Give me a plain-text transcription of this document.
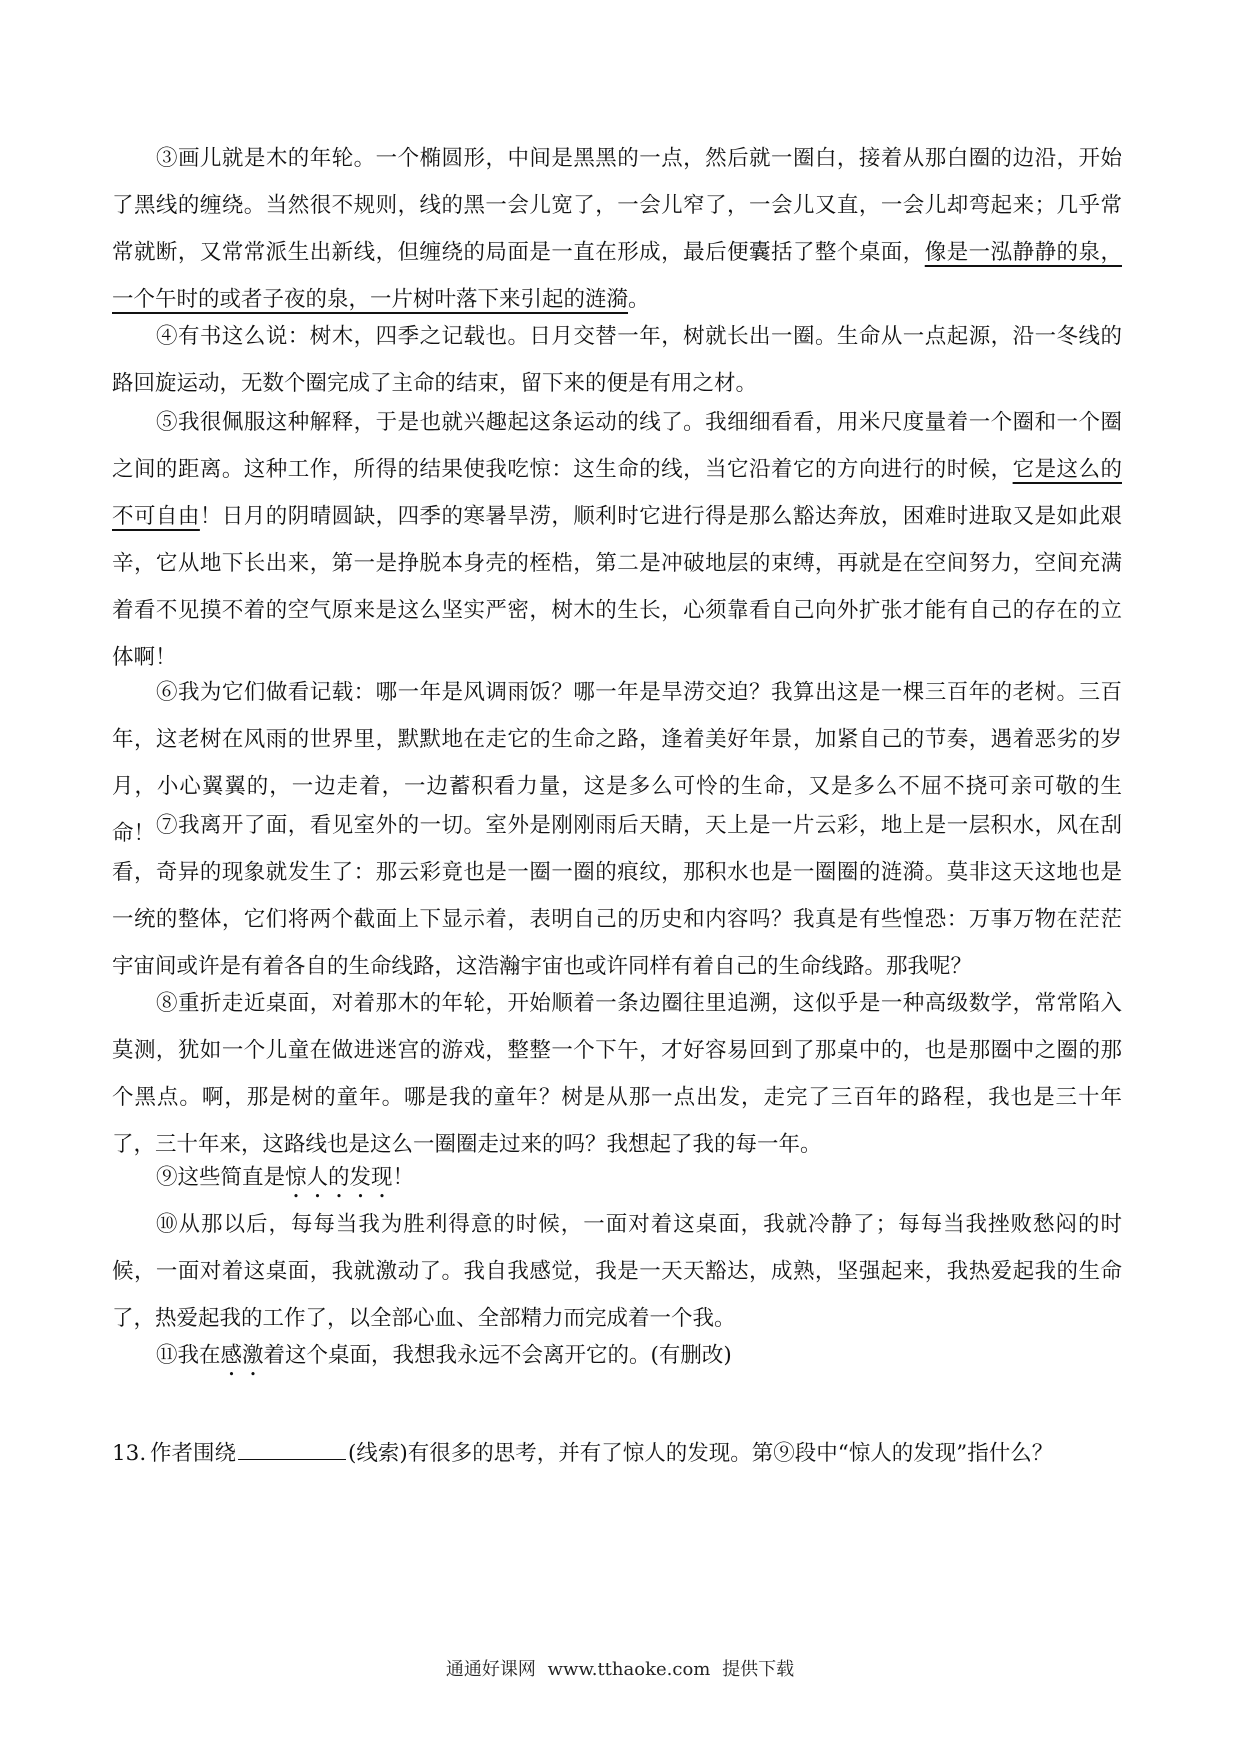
③画儿就是木的年轮。一个椭圆形，中间是黑黑的一点，然后就一圈白，接着从那白圈的边沿，开始了黑线的缠绕。当然很不规则，线的黑一会儿宽了，一会儿窄了，一会儿又直，一会儿却弯起来；几乎常常就断，又常常派生出新线，但缠绕的局面是一直在形成，最后便囊括了整个桌面，像是一泓静静的泉，一个午时的或者子夜的泉，一片树叶落下来引起的涟漪。

④有书这么说：树木，四季之记载也。日月交替一年，树就长出一圈。生命从一点起源，沿一冬线的路回旋运动，无数个圈完成了主命的结束，留下来的便是有用之材。

⑤我很佩服这种解释，于是也就兴趣起这条运动的线了。我细细看看，用米尺度量着一个圈和一个圈之间的距离。这种工作，所得的结果使我吃惊：这生命的线，当它沿着它的方向进行的时候，它是这么的不可自由！日月的阴晴圆缺，四季的寒暑旱涝，顺利时它进行得是那么豁达奔放，困难时进取又是如此艰辛，它从地下长出来，第一是挣脱本身壳的桎梏，第二是冲破地层的束缚，再就是在空间努力，空间充满着看不见摸不着的空气原来是这么坚实严密，树木的生长，心须靠看自己向外扩张才能有自己的存在的立体啊！

⑥我为它们做看记载：哪一年是风调雨饭？哪一年是旱涝交迫？我算出这是一棵三百年的老树。三百年，这老树在风雨的世界里，默默地在走它的生命之路，逢着美好年景，加紧自己的节奏，遇着恶劣的岁月，小心翼翼的，一边走着，一边蓄积看力量，这是多么可怜的生命，又是多么不屈不挠可亲可敬的生命！ ⑦我离开了面，看见室外的一切。室外是刚刚雨后天睛，天上是一片云彩，地上是一层积水，风在刮看，奇异的现象就发生了：那云彩竟也是一圈一圈的痕纹，那积水也是一圈圈的涟漪。莫非这天这地也是一统的整体，它们将两个截面上下显示着，表明自己的历史和内容吗？我真是有些惶恐：万事万物在茫茫宇宙间或许是有着各自的生命线路，这浩瀚宇宙也或许同样有着自己的生命线路。那我呢？

⑧重折走近桌面，对着那木的年轮，开始顺着一条边圈往里追溯，这似乎是一种高级数学，常常陷入莫测，犹如一个儿童在做进迷宫的游戏，整整一个下午，才好容易回到了那桌中的，也是那圈中之圈的那个黑点。啊，那是树的童年。哪是我的童年？树是从那一点出发，走完了三百年的路程，我也是三十年了，三十年来，这路线也是这么一圈圈走过来的吗？我想起了我的每一年。

⑨这些简直是惊人的发现！

⑩从那以后，每每当我为胜利得意的时候，一面对着这桌面，我就冷静了；每每当我挫败愁闷的时候，一面对着这桌面，我就激动了。我自我感觉，我是一天天豁达，成熟，坚强起来，我热爱起我的生命了，热爱起我的工作了，以全部心血、全部精力而完成着一个我。

⑪我在感激着这个桌面，我想我永远不会离开它的。(有删改)

13. 作者围绕	(线索)有很多的思考，并有了惊人的发现。第⑨段中“惊人的发现”指什么？

通通好课网 www.tthaoke.com 提供下载
